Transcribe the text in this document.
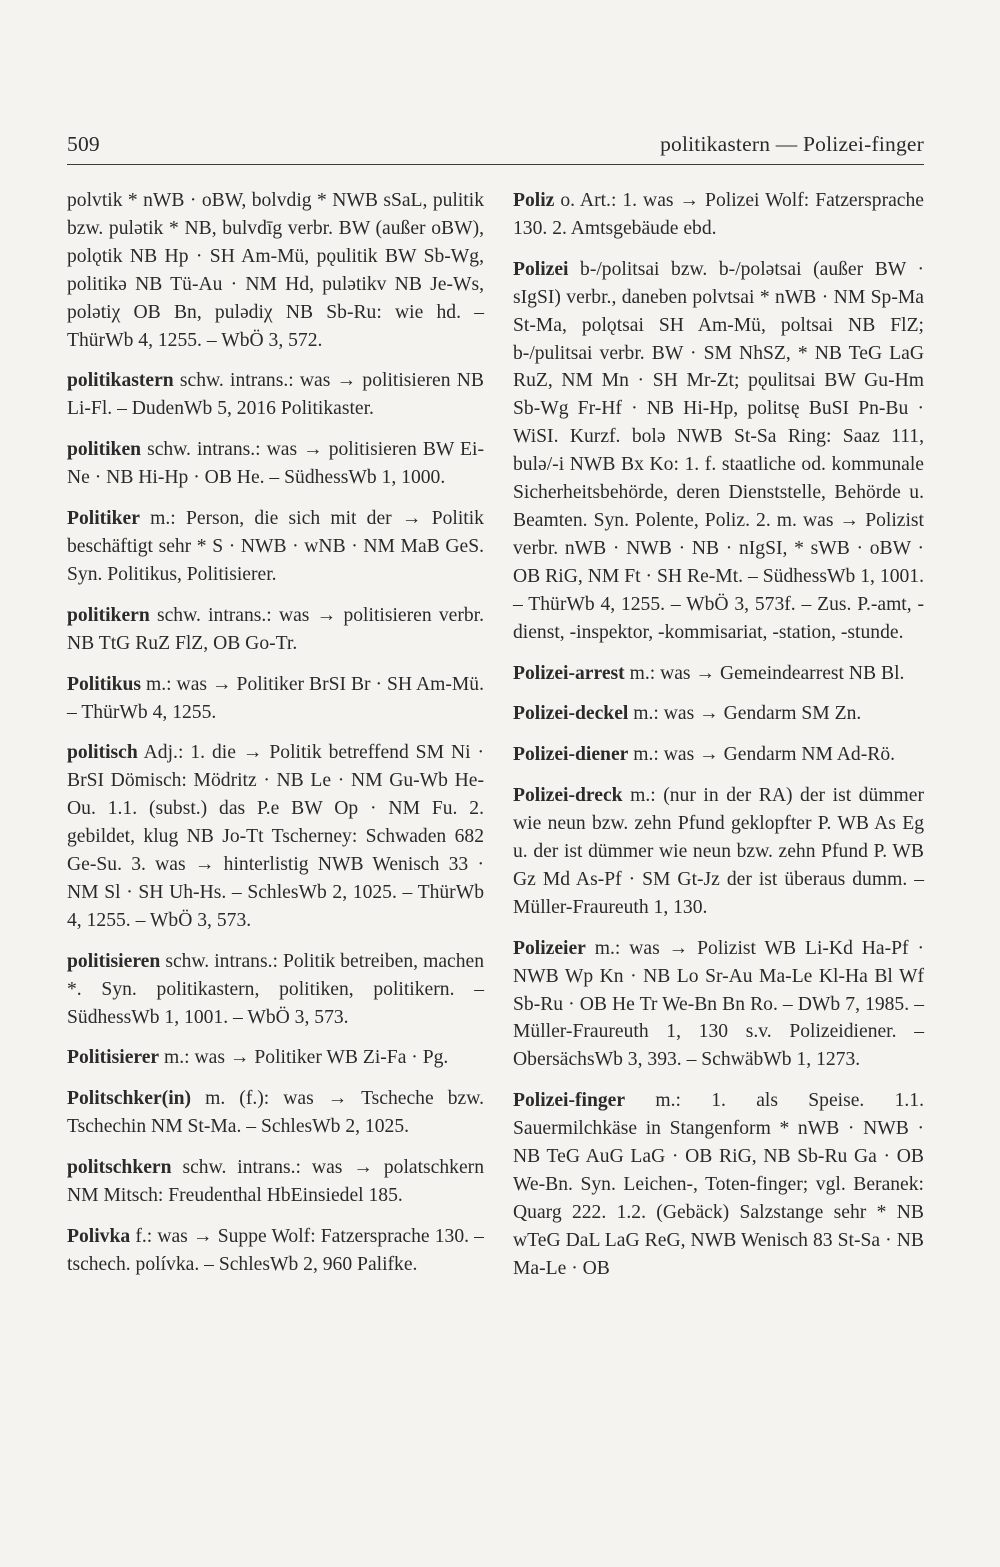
509	politikastern — Polizei-finger

polvtik * nWB · oBW, bolvdig * NWB sSaL, pulitik bzw. pulətik * NB, bulvdīg verbr. BW (außer oBW), polǫtik NB Hp · SH Am-Mü, pǫulitik BW Sb-Wg, politikə NB Tü-Au · NM Hd, pulətikv NB Je-Ws, polətiχ OB Bn, pulədiχ NB Sb-Ru: wie hd. – ThürWb 4, 1255. – WbÖ 3, 572.

politikastern schw. intrans.: was → politisieren NB Li-Fl. – DudenWb 5, 2016 Politikaster.

politiken schw. intrans.: was → politisieren BW Ei-Ne · NB Hi-Hp · OB He. – SüdhessWb 1, 1000.

Politiker m.: Person, die sich mit der → Politik beschäftigt sehr * S · NWB · wNB · NM MaB GeS. Syn. Politikus, Politisierer.

politikern schw. intrans.: was → politisieren verbr. NB TtG RuZ FlZ, OB Go-Tr.

Politikus m.: was → Politiker BrSI Br · SH Am-Mü. – ThürWb 4, 1255.

politisch Adj.: 1. die → Politik betreffend SM Ni · BrSI Dömisch: Mödritz · NB Le · NM Gu-Wb He-Ou. 1.1. (subst.) das P.e BW Op · NM Fu. 2. gebildet, klug NB Jo-Tt Tscherney: Schwaden 682 Ge-Su. 3. was → hinterlistig NWB Wenisch 33 · NM Sl · SH Uh-Hs. – SchlesWb 2, 1025. – ThürWb 4, 1255. – WbÖ 3, 573.

politisieren schw. intrans.: Politik betreiben, machen *. Syn. politikastern, politiken, politikern. – SüdhessWb 1, 1001. – WbÖ 3, 573.

Politisierer m.: was → Politiker WB Zi-Fa · Pg.

Politschker(in) m. (f.): was → Tscheche bzw. Tschechin NM St-Ma. – SchlesWb 2, 1025.

politschkern schw. intrans.: was → polatschkern NM Mitsch: Freudenthal HbEinsiedel 185.

Polivka f.: was → Suppe Wolf: Fatzersprache 130. – tschech. polívka. – SchlesWb 2, 960 Palifke.

Poliz o. Art.: 1. was → Polizei Wolf: Fatzersprache 130. 2. Amtsgebäude ebd.

Polizei b-/politsai bzw. b-/polətsai (außer BW · sIgSI) verbr., daneben polvtsai * nWB · NM Sp-Ma St-Ma, polǫtsai SH Am-Mü, poltsai NB FlZ; b-/pulitsai verbr. BW · SM NhSZ, * NB TeG LaG RuZ, NM Mn · SH Mr-Zt; pǫulitsai BW Gu-Hm Sb-Wg Fr-Hf · NB Hi-Hp, politsę BuSI Pn-Bu · WiSI. Kurzf. bolə NWB St-Sa Ring: Saaz 111, bulə/-i NWB Bx Ko: 1. f. staatliche od. kommunale Sicherheitsbehörde, deren Dienststelle, Behörde u. Beamten. Syn. Polente, Poliz. 2. m. was → Polizist verbr. nWB · NWB · NB · nIgSI, * sWB · oBW · OB RiG, NM Ft · SH Re-Mt. – SüdhessWb 1, 1001. – ThürWb 4, 1255. – WbÖ 3, 573f. – Zus. P.-amt, -dienst, -inspektor, -kommisariat, -station, -stunde.

Polizei-arrest m.: was → Gemeindearrest NB Bl.

Polizei-deckel m.: was → Gendarm SM Zn.

Polizei-diener m.: was → Gendarm NM Ad-Rö.

Polizei-dreck m.: (nur in der RA) der ist dümmer wie neun bzw. zehn Pfund geklopfter P. WB As Eg u. der ist dümmer wie neun bzw. zehn Pfund P. WB Gz Md As-Pf · SM Gt-Jz der ist überaus dumm. – Müller-Fraureuth 1, 130.

Polizeier m.: was → Polizist WB Li-Kd Ha-Pf · NWB Wp Kn · NB Lo Sr-Au Ma-Le Kl-Ha Bl Wf Sb-Ru · OB He Tr We-Bn Bn Ro. – DWb 7, 1985. – Müller-Fraureuth 1, 130 s.v. Polizeidiener. – ObersächsWb 3, 393. – SchwäbWb 1, 1273.

Polizei-finger m.: 1. als Speise. 1.1. Sauermilchkäse in Stangenform * nWB · NWB · NB TeG AuG LaG · OB RiG, NB Sb-Ru Ga · OB We-Bn. Syn. Leichen-, Toten-finger; vgl. Beranek: Quarg 222. 1.2. (Gebäck) Salzstange sehr * NB wTeG DaL LaG ReG, NWB Wenisch 83 St-Sa · NB Ma-Le · OB
